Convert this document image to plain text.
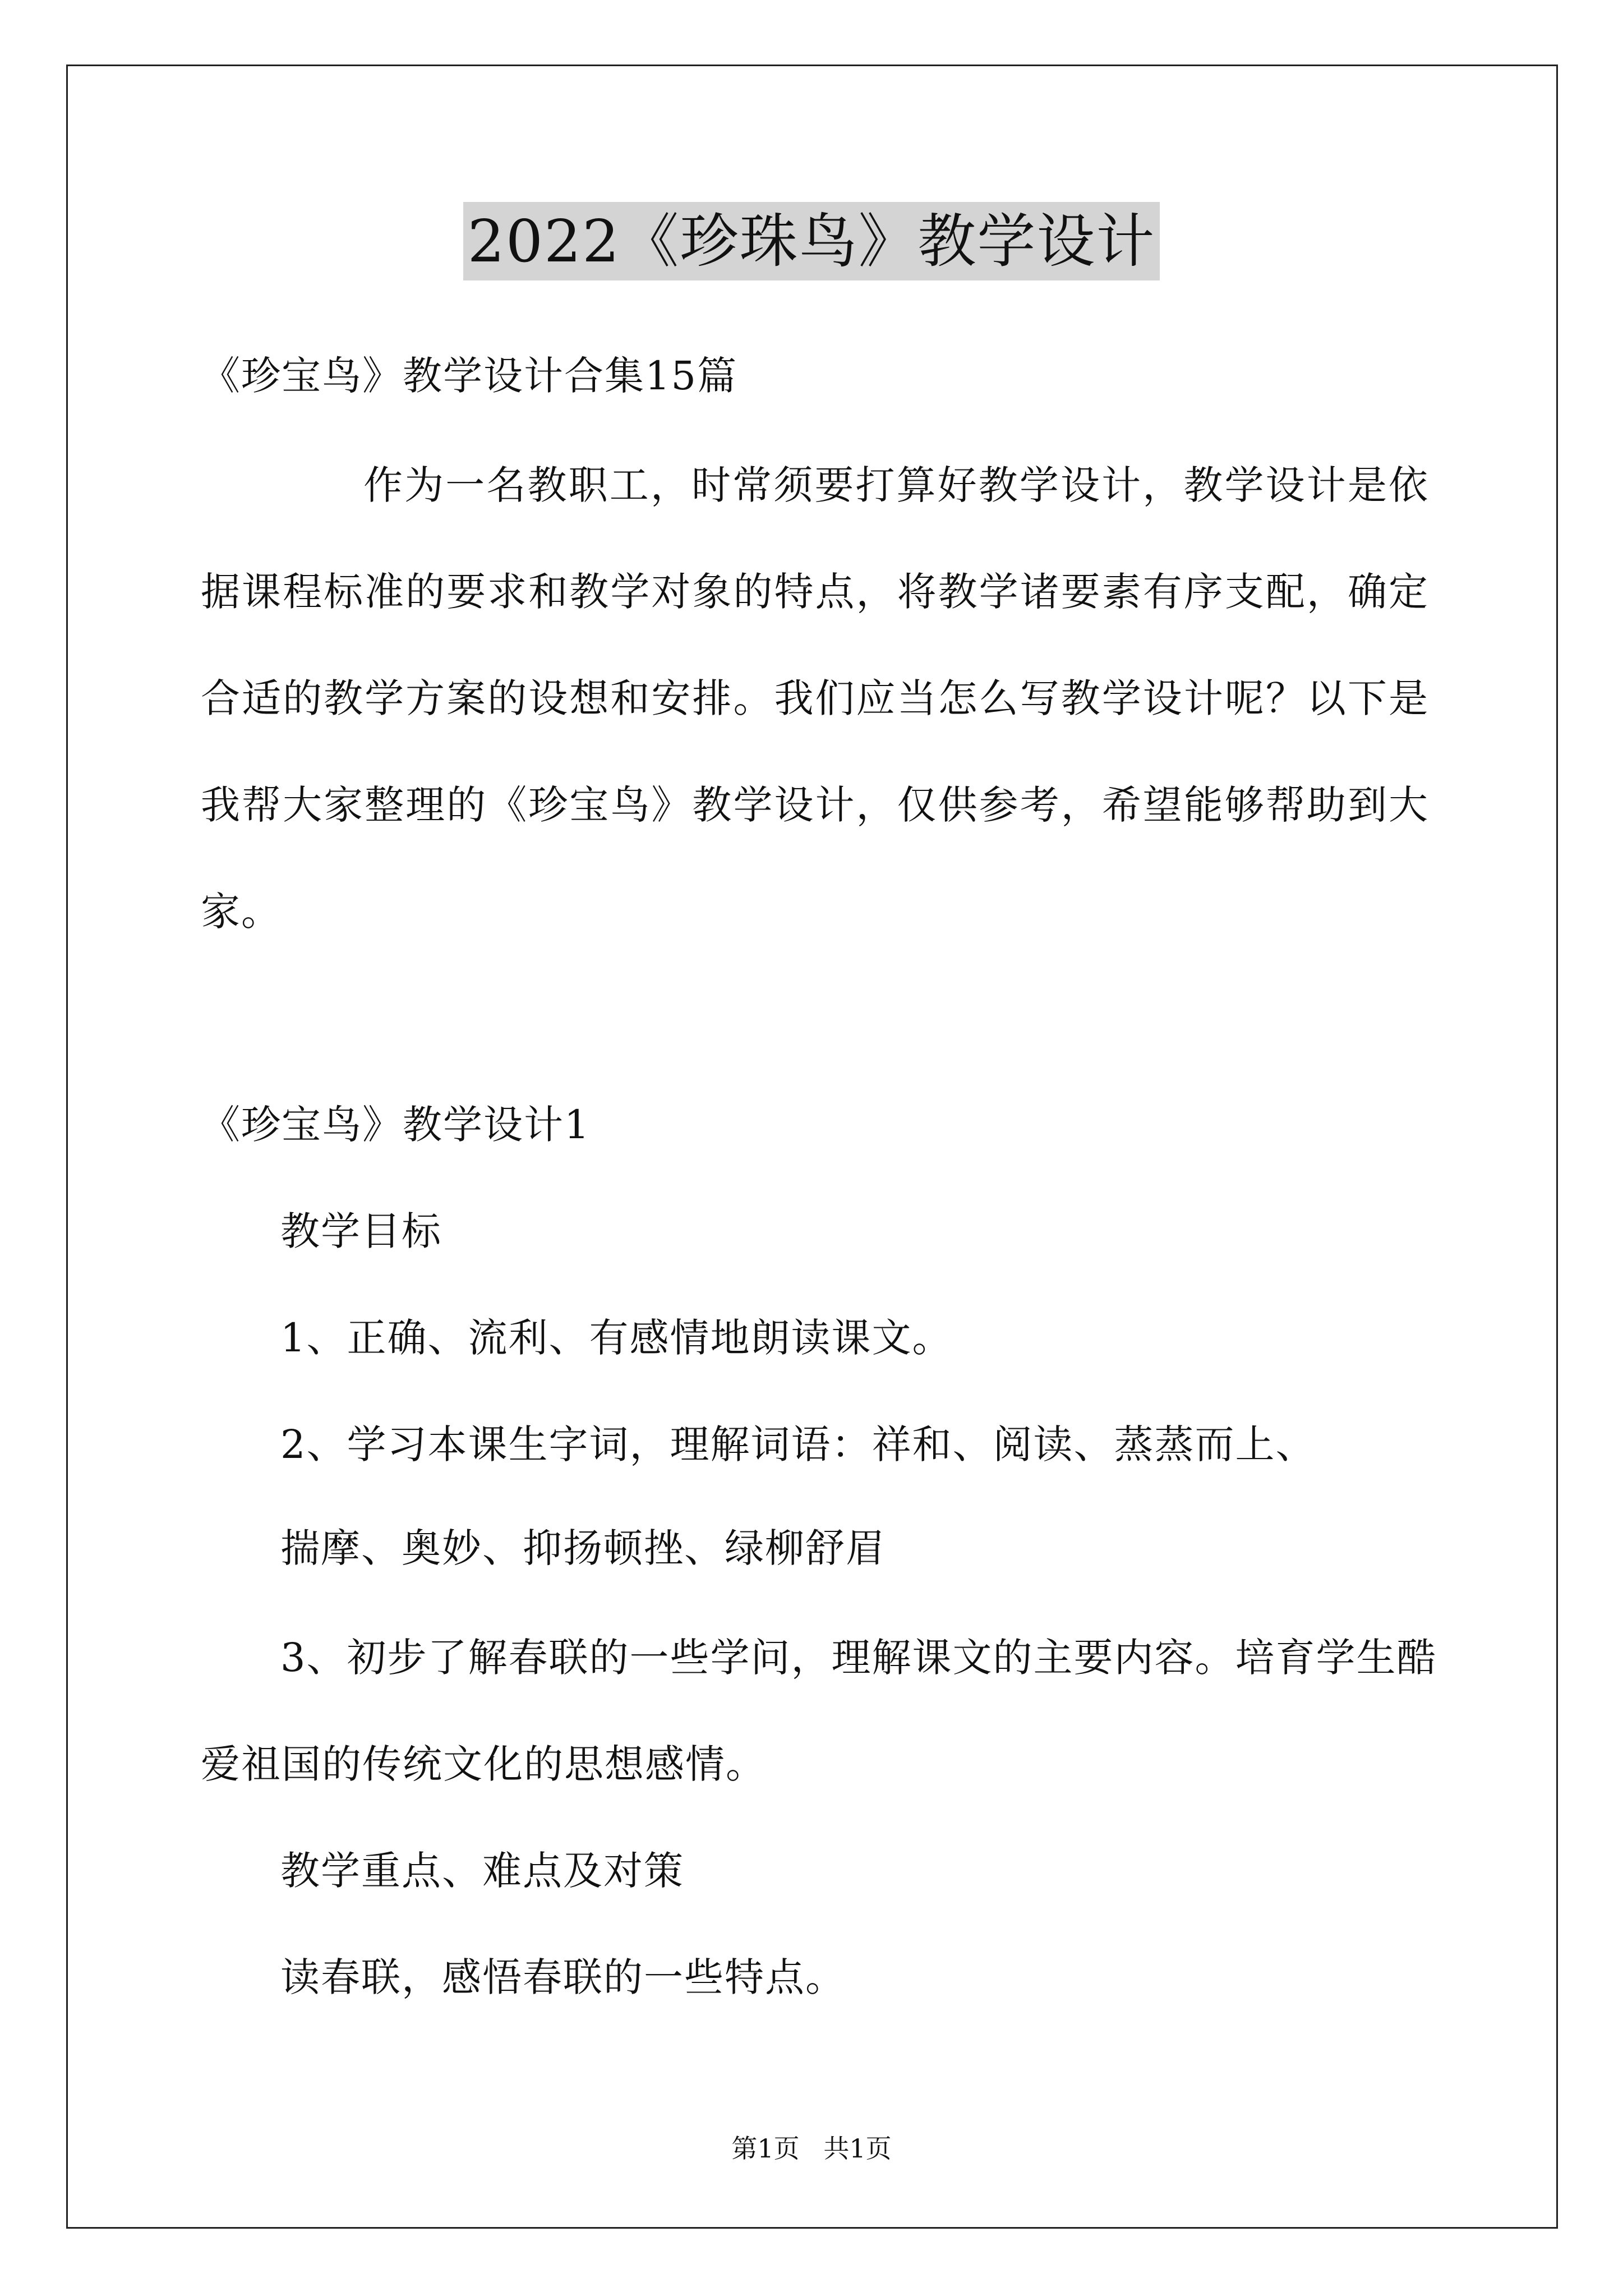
2022《珍珠鸟》教学设计
《珍宝鸟》教学设计合集15篇
作为一名教职工，时常须要打算好教学设计，教学设计是依
据课程标准的要求和教学对象的特点，将教学诸要素有序支配，确定
合适的教学方案的设想和安排。我们应当怎么写教学设计呢？以下是
我帮大家整理的《珍宝鸟》教学设计，仅供参考，希望能够帮助到大
家。
《珍宝鸟》教学设计1
教学目标
1、正确、流利、有感情地朗读课文。
2、学习本课生字词，理解词语：祥和、阅读、蒸蒸而上、
揣摩、奥妙、抑扬顿挫、绿柳舒眉
3、初步了解春联的一些学问，理解课文的主要内容。培育学生酷
爱祖国的传统文化的思想感情。
教学重点、难点及对策
读春联，感悟春联的一些特点。
第1页 共1页
